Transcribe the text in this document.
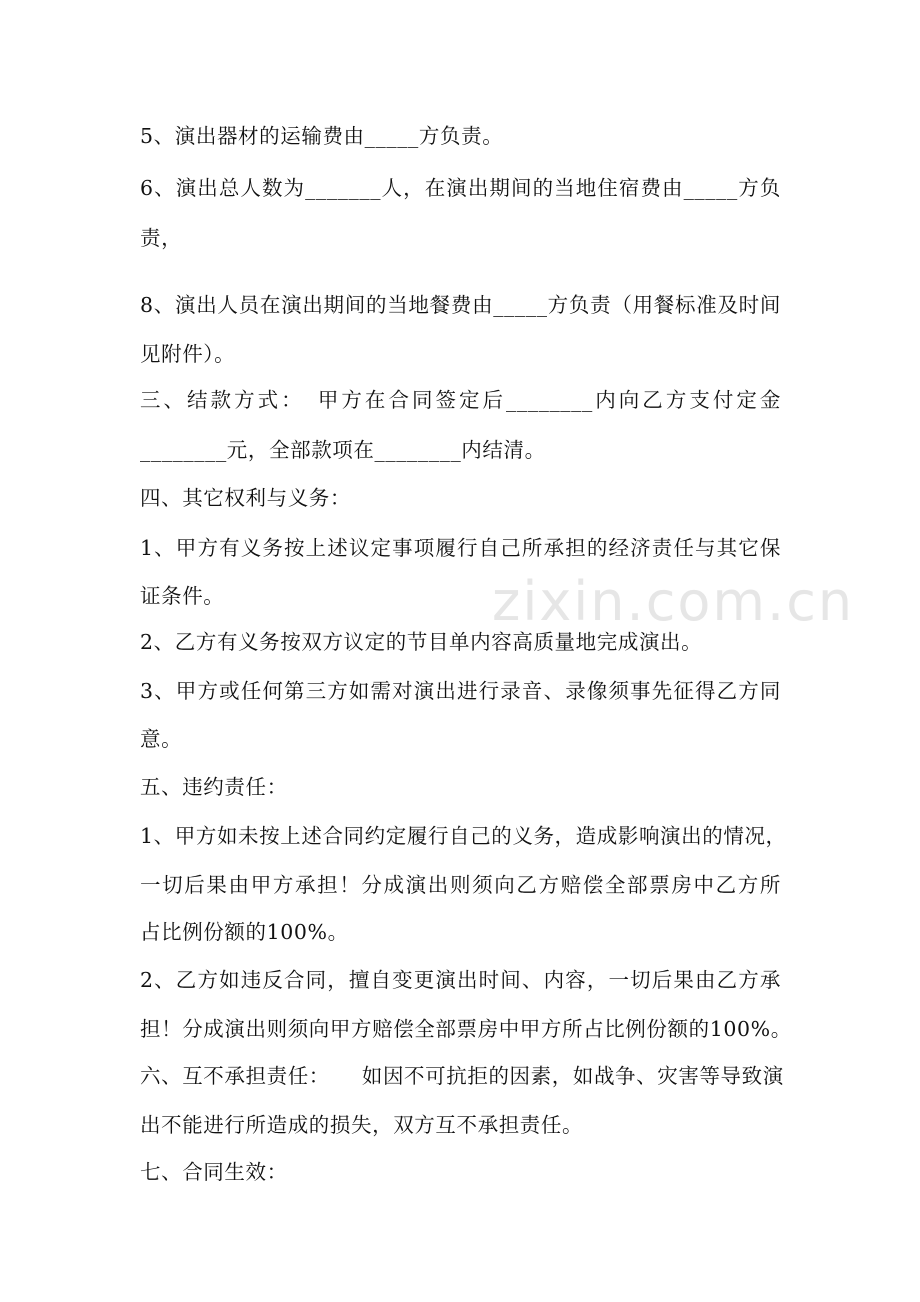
zixin.com.cn
5、演出器材的运输费由_____方负责。
6、演出总人数为_______人，在演出期间的当地住宿费由_____方负
责，
8、演出人员在演出期间的当地餐费由_____方负责（用餐标准及时间
见附件）。
三、结款方式：　甲方在合同签定后________内向乙方支付定金
________元，全部款项在________内结清。
四、其它权利与义务：
1、甲方有义务按上述议定事项履行自己所承担的经济责任与其它保
证条件。
2、乙方有义务按双方议定的节目单内容高质量地完成演出。
3、甲方或任何第三方如需对演出进行录音、录像须事先征得乙方同
意。
五、违约责任：
1、甲方如未按上述合同约定履行自己的义务，造成影响演出的情况，
一切后果由甲方承担！分成演出则须向乙方赔偿全部票房中乙方所
占比例份额的100%。
2、乙方如违反合同，擅自变更演出时间、内容，一切后果由乙方承
担！分成演出则须向甲方赔偿全部票房中甲方所占比例份额的100%。
六、互不承担责任：　　如因不可抗拒的因素，如战争、灾害等导致演
出不能进行所造成的损失，双方互不承担责任。
七、合同生效：
